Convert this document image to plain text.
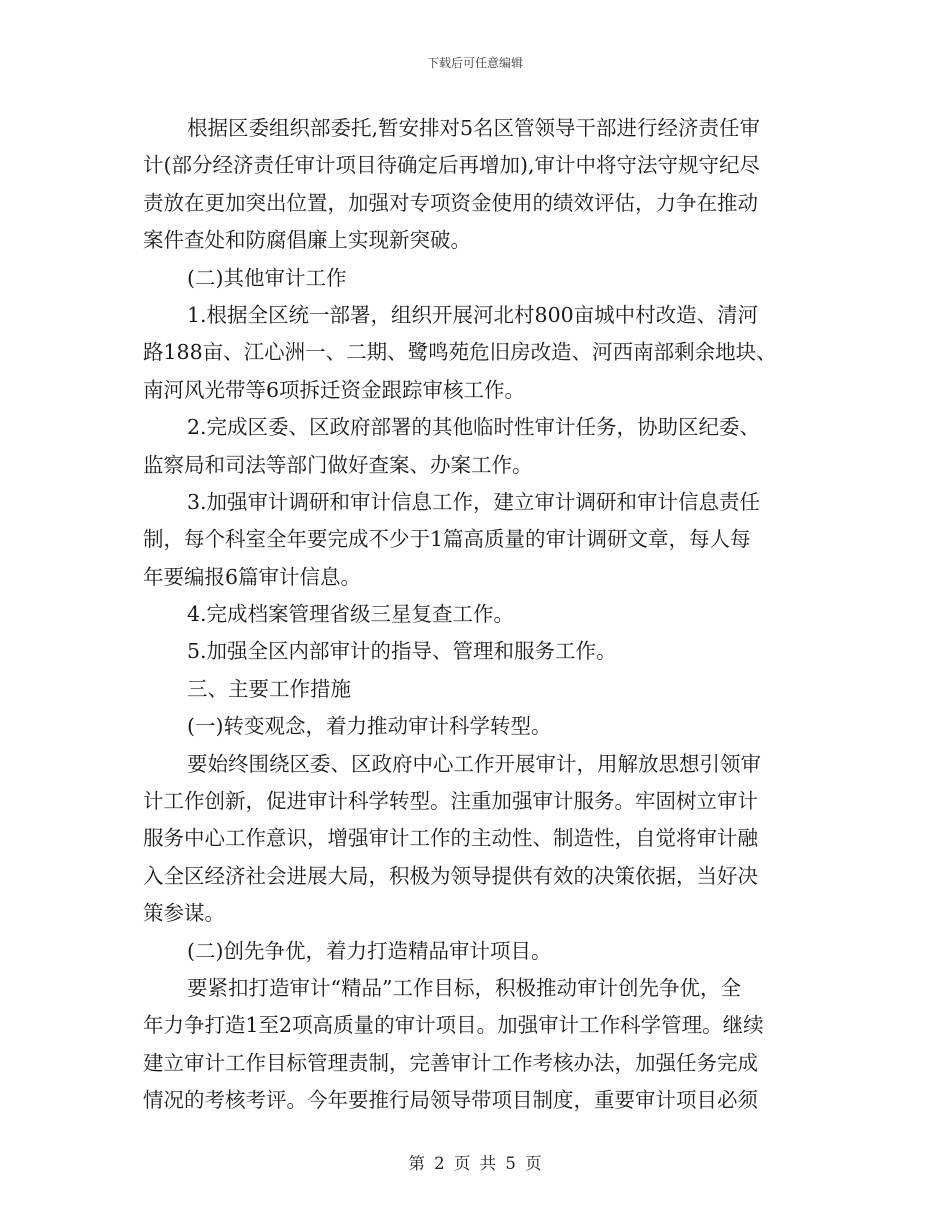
下载后可任意编辑
根据区委组织部委托,暂安排对5名区管领导干部进行经济责任审
计(部分经济责任审计项目待确定后再增加),审计中将守法守规守纪尽
责放在更加突出位置，加强对专项资金使用的绩效评估，力争在推动
案件查处和防腐倡廉上实现新突破。
(二)其他审计工作
1.根据全区统一部署，组织开展河北村800亩城中村改造、清河
路188亩、江心洲一、二期、鹭鸣苑危旧房改造、河西南部剩余地块、
南河风光带等6项拆迁资金跟踪审核工作。
2.完成区委、区政府部署的其他临时性审计任务，协助区纪委、
监察局和司法等部门做好查案、办案工作。
3.加强审计调研和审计信息工作，建立审计调研和审计信息责任
制，每个科室全年要完成不少于1篇高质量的审计调研文章，每人每
年要编报6篇审计信息。
4.完成档案管理省级三星复查工作。
5.加强全区内部审计的指导、管理和服务工作。
三、主要工作措施
(一)转变观念，着力推动审计科学转型。
要始终围绕区委、区政府中心工作开展审计，用解放思想引领审
计工作创新，促进审计科学转型。注重加强审计服务。牢固树立审计
服务中心工作意识，增强审计工作的主动性、制造性，自觉将审计融
入全区经济社会进展大局，积极为领导提供有效的决策依据，当好决
策参谋。
(二)创先争优，着力打造精品审计项目。
要紧扣打造审计“精品”工作目标，积极推动审计创先争优，全
年力争打造1至2项高质量的审计项目。加强审计工作科学管理。继续
建立审计工作目标管理责制，完善审计工作考核办法，加强任务完成
情况的考核考评。今年要推行局领导带项目制度，重要审计项目必须
第 2 页 共 5 页
